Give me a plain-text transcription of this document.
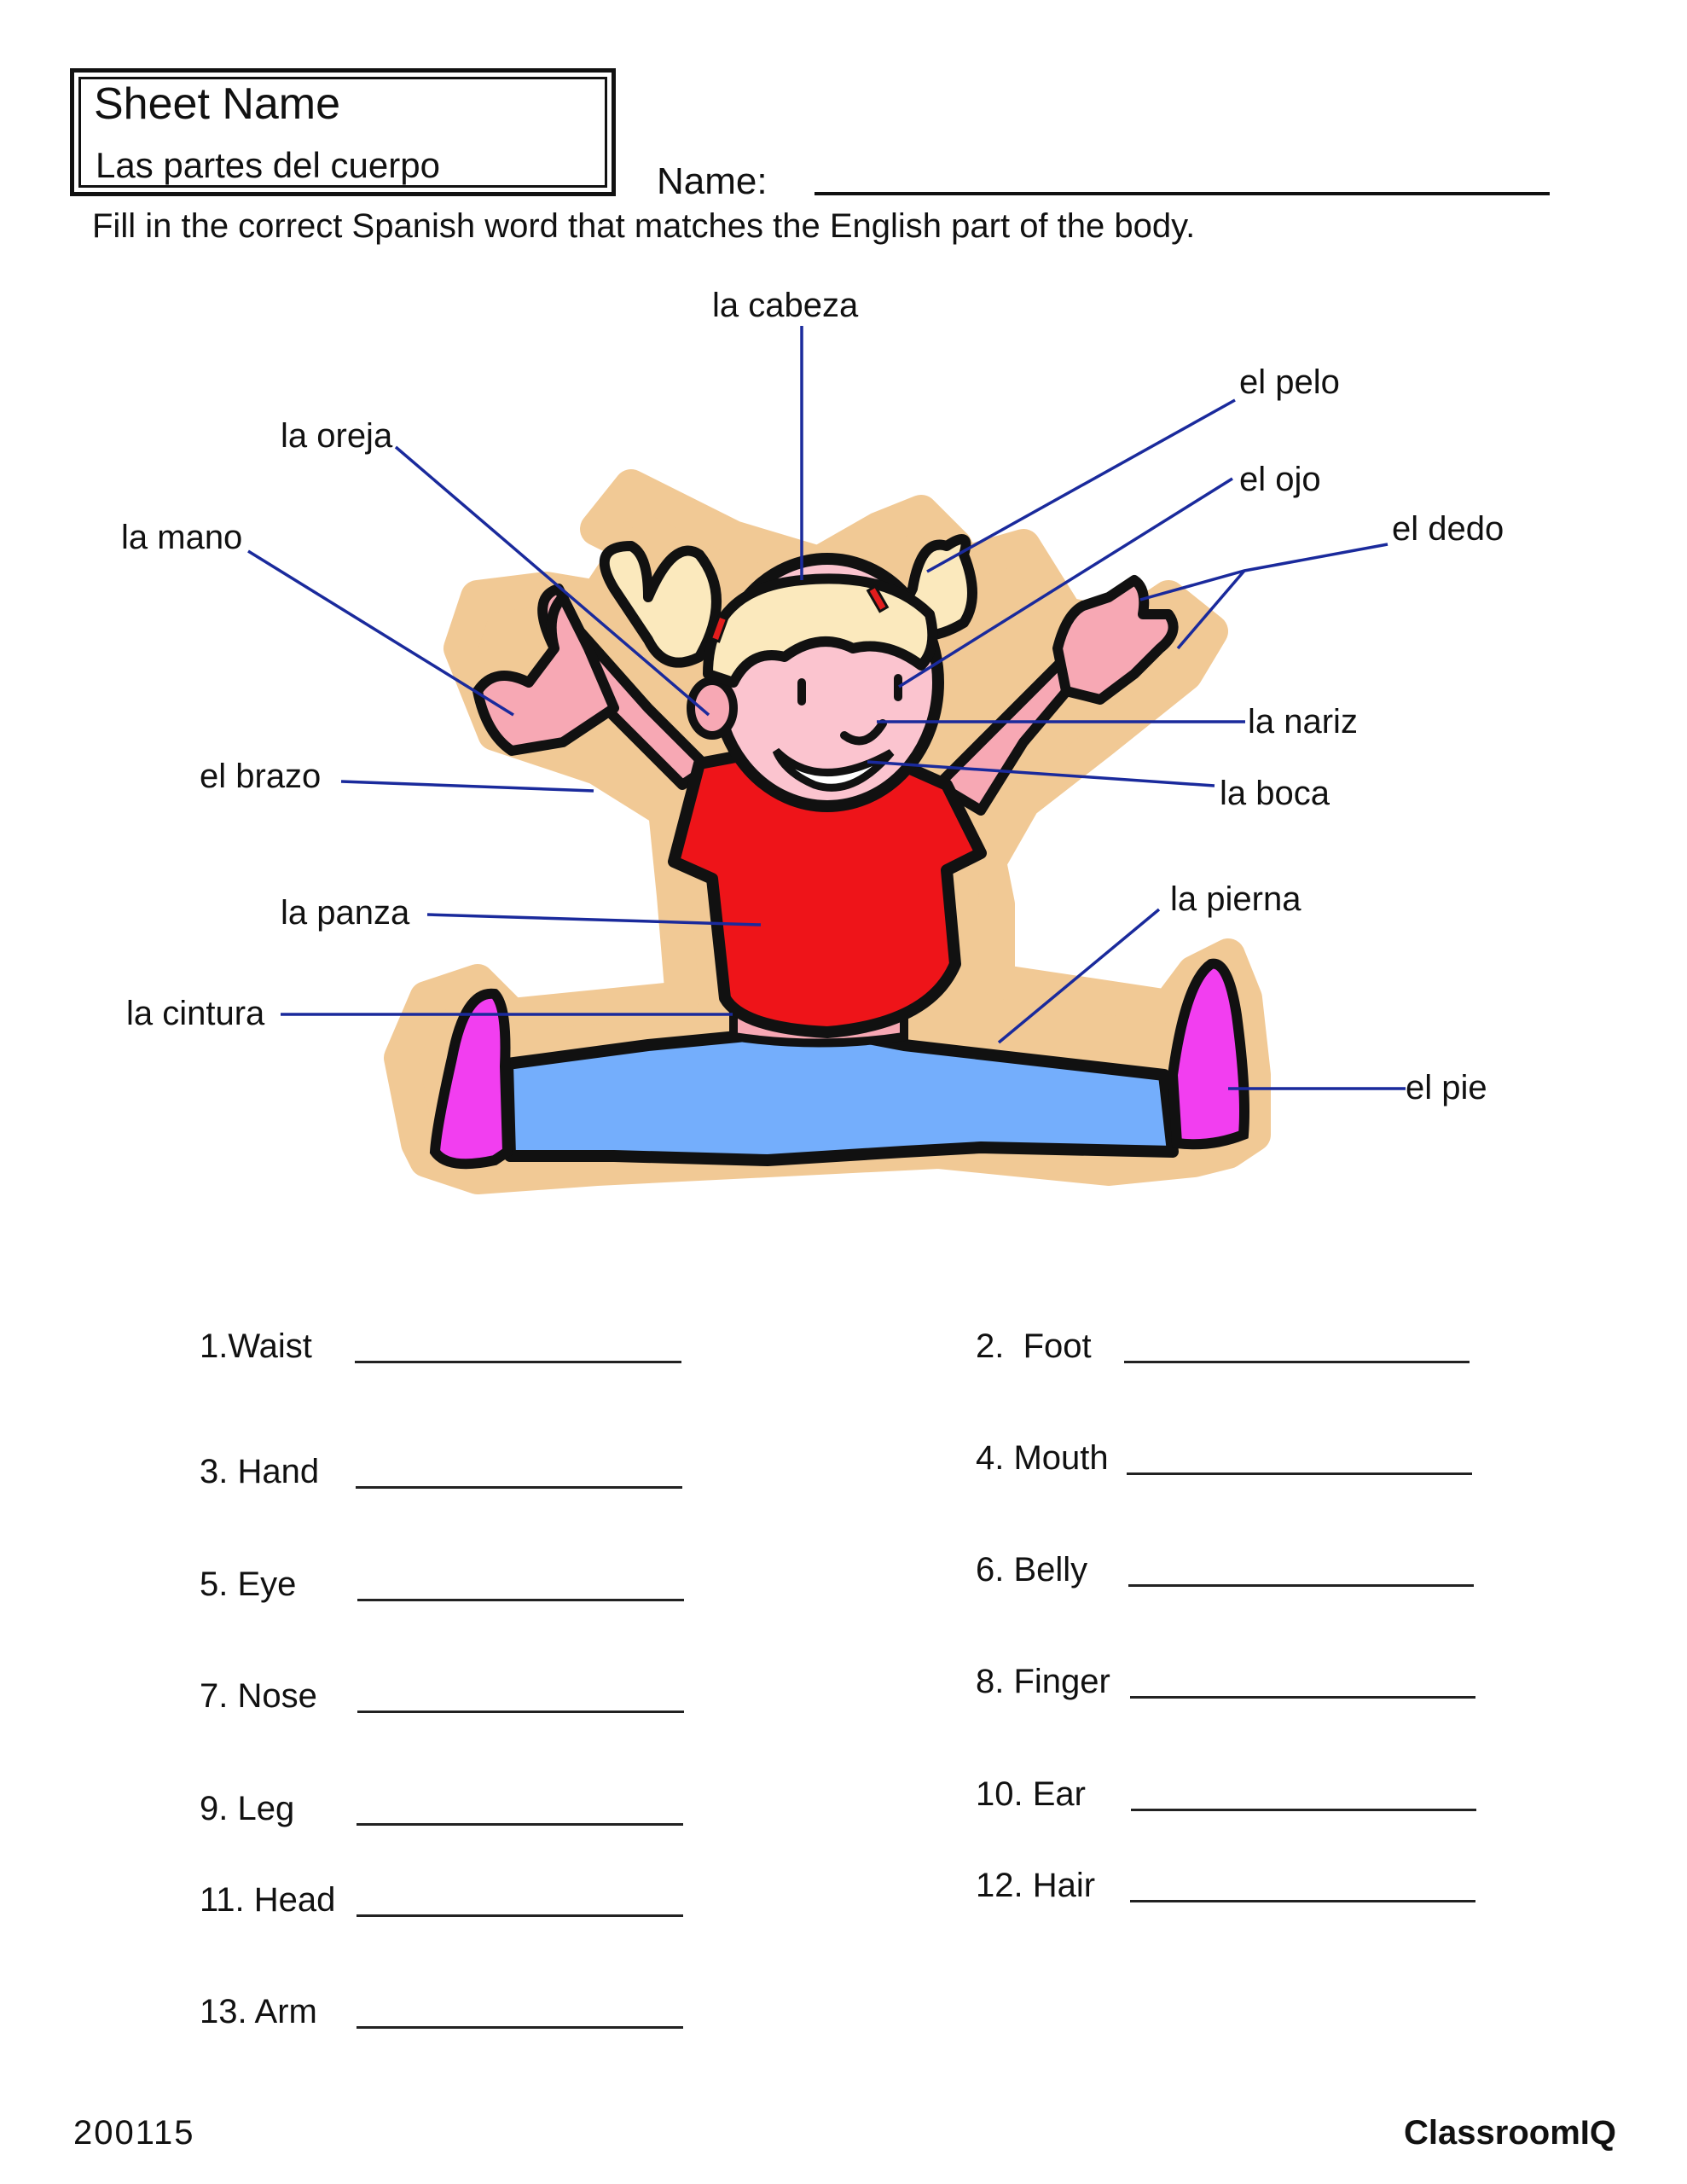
Sheet Name
Las partes del cuerpo	Name:
Fill in the correct Spanish word that matches the English part of the body.
la cabeza
el pelo
la oreja
el ojo
la mano	el dedo
la nariz
el brazo	la boca
la panza	la pierna
la cintura
el pie
1.Waist
3. Hand
5. Eye
7. Nose
9. Leg
11. Head
13. Arm
2. Foot
4. Mouth
6. Belly
8. Finger
10. Ear
12. Hair
200115	ClassroomIQ
